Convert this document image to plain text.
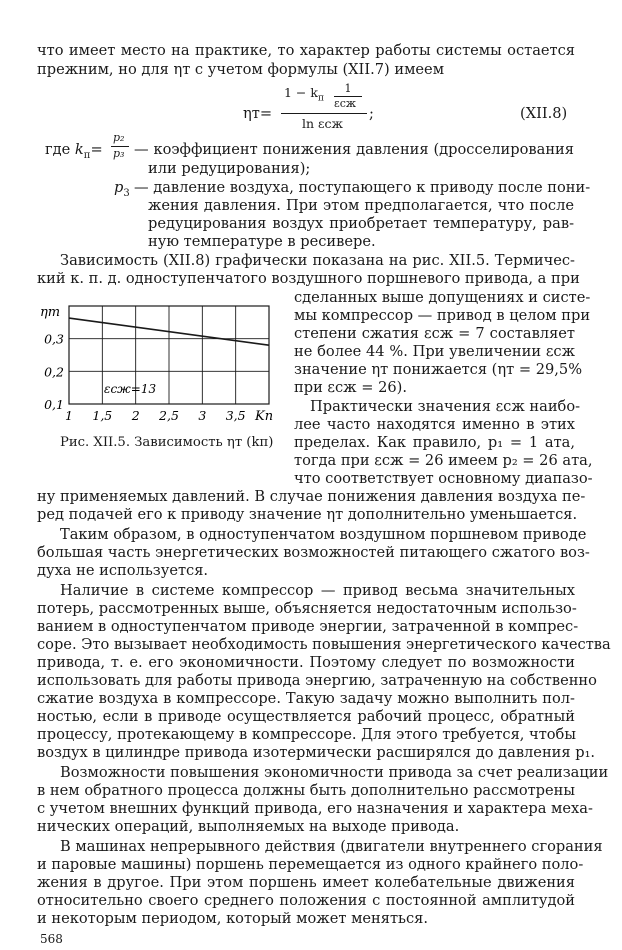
что имеет место на практике, то характер работы системы остается
прежним, но для ηт с учетом формулы (XII.7) имеем
ηт=
$1 - k_п$
1
εсж
ln εсж
;	(XII.8)
где $k_п=$
p₂
p₃ — коэффициент понижения давления (дросселирования
или редуцирования);
$p_3$ — давление воздуха, поступающего к приводу после пони-
жения давления. При этом предполагается, что после
редуцирования воздух приобретает температуру, рав-
ную температуре в ресивере.
Зависимость (XII.8) графически показана на рис. XII.5. Термичес-
кий к. п. д. одноступенчатого воздушного поршневого привода, а при
1 1,5 2 2,5 3 3,5
0,1
0,2
0,3
ηт
Kп
εсж=13
Рис. XII.5. Зависимость ηт (kп)
сделанных выше допущениях и систе-
мы компрессор — привод в целом при
степени сжатия εсж = 7 составляет
не более 44 %. При увеличении εсж
значение ηт понижается (ηт = 29,5%
при εсж = 26).
Практически значения εсж наибо-
лее часто находятся именно в этих
пределах. Как правило, p₁ = 1 ата,
тогда при εсж = 26 имеем p₂ = 26 ата,
что соответствует основному диапазо-
ну применяемых давлений. В случае понижения давления воздуха пе-
ред подачей его к приводу значение ηт дополнительно уменьшается.
Таким образом, в одноступенчатом воздушном поршневом приводе
большая часть энергетических возможностей питающего сжатого воз-
духа не используется.
Наличие в системе компрессор — привод весьма значительных
потерь, рассмотренных выше, объясняется недостаточным использо-
ванием в одноступенчатом приводе энергии, затраченной в компрес-
соре. Это вызывает необходимость повышения энергетического качества
привода, т. е. его экономичности. Поэтому следует по возможности
использовать для работы привода энергию, затраченную на собственно
сжатие воздуха в компрессоре. Такую задачу можно выполнить пол-
ностью, если в приводе осуществляется рабочий процесс, обратный
процессу, протекающему в компрессоре. Для этого требуется, чтобы
воздух в цилиндре привода изотермически расширялся до давления p₁.
Возможности повышения экономичности привода за счет реализации
в нем обратного процесса должны быть дополнительно рассмотрены
с учетом внешних функций привода, его назначения и характера меха-
нических операций, выполняемых на выходе привода.
В машинах непрерывного действия (двигатели внутреннего сгорания
и паровые машины) поршень перемещается из одного крайнего поло-
жения в другое. При этом поршень имеет колебательные движения
относительно своего среднего положения с постоянной амплитудой
и некоторым периодом, который может меняться.
568
